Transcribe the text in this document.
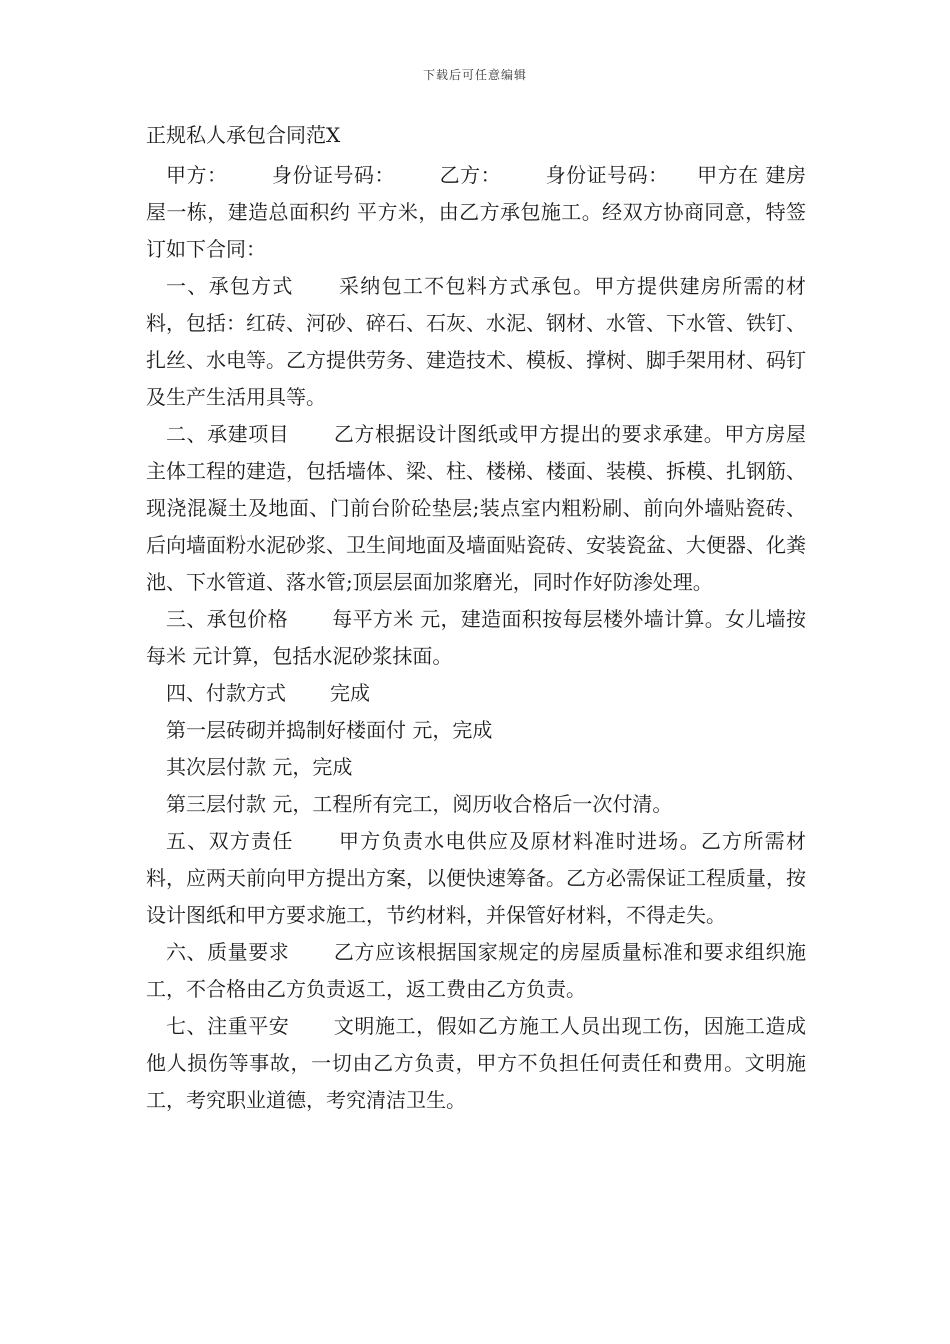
下载后可任意编辑
正规私人承包合同范X

甲方： 身份证号码： 乙方： 身份证号码： 甲方在 建房屋一栋，建造总面积约 平方米，由乙方承包施工。经双方协商同意，特签订如下合同：

一、承包方式 采纳包工不包料方式承包。甲方提供建房所需的材料，包括：红砖、河砂、碎石、石灰、水泥、钢材、水管、下水管、铁钉、扎丝、水电等。乙方提供劳务、建造技术、模板、撑树、脚手架用材、码钉及生产生活用具等。

二、承建项目 乙方根据设计图纸或甲方提出的要求承建。甲方房屋主体工程的建造，包括墙体、梁、柱、楼梯、楼面、装模、拆模、扎钢筋、现浇混凝土及地面、门前台阶砼垫层;装点室内粗粉刷、前向外墙贴瓷砖、后向墙面粉水泥砂浆、卫生间地面及墙面贴瓷砖、安装瓷盆、大便器、化粪池、下水管道、落水管;顶层层面加浆磨光，同时作好防渗处理。

三、承包价格 每平方米 元，建造面积按每层楼外墙计算。女儿墙按每米 元计算，包括水泥砂浆抹面。

四、付款方式 完成

第一层砖砌并捣制好楼面付 元，完成

其次层付款 元，完成

第三层付款 元，工程所有完工，阅历收合格后一次付清。

五、双方责任 甲方负责水电供应及原材料准时进场。乙方所需材料，应两天前向甲方提出方案，以便快速筹备。乙方必需保证工程质量，按设计图纸和甲方要求施工，节约材料，并保管好材料，不得走失。

六、质量要求 乙方应该根据国家规定的房屋质量标准和要求组织施工，不合格由乙方负责返工，返工费由乙方负责。

七、注重平安 文明施工，假如乙方施工人员出现工伤，因施工造成他人损伤等事故，一切由乙方负责，甲方不负担任何责任和费用。文明施工，考究职业道德，考究清洁卫生。
